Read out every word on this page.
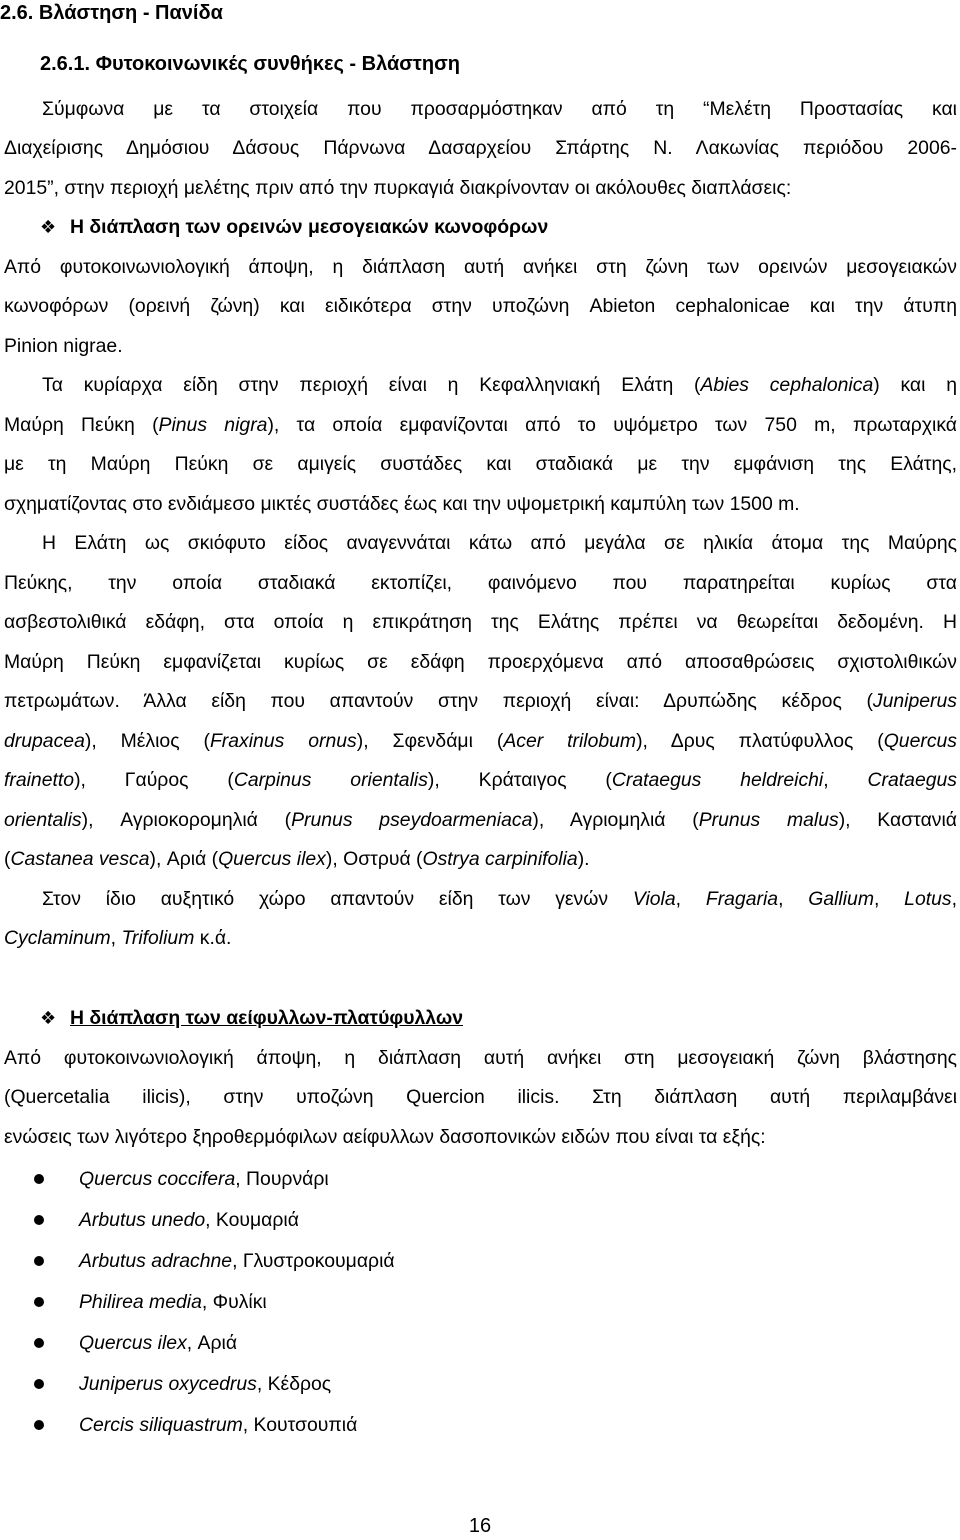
2.6. Βλάστηση - Πανίδα
2.6.1. Φυτοκοινωνικές συνθήκες - Βλάστηση
Σύμφωνα με τα στοιχεία που προσαρμόστηκαν από τη “Μελέτη Προστασίας και
Διαχείρισης Δημόσιου Δάσους Πάρνωνα Δασαρχείου Σπάρτης Ν. Λακωνίας περιόδου 2006-
2015”, στην περιοχή μελέτης πριν από την πυρκαγιά διακρίνονταν οι ακόλουθες διαπλάσεις:
❖ Η διάπλαση των ορεινών μεσογειακών κωνοφόρων
Από φυτοκοινωνιολογική άποψη, η διάπλαση αυτή ανήκει στη ζώνη των ορεινών μεσογειακών
κωνοφόρων (ορεινή ζώνη) και ειδικότερα στην υποζώνη Abieton cephalonicae και την άτυπη
Pinion nigrae.
Τα κυρίαρχα είδη στην περιοχή είναι η Κεφαλληνιακή Ελάτη (Abies cephalonica) και η
Μαύρη Πεύκη (Pinus nigra), τα οποία εμφανίζονται από το υψόμετρο των 750 m, πρωταρχικά
με τη Μαύρη Πεύκη σε αμιγείς συστάδες και σταδιακά με την εμφάνιση της Ελάτης,
σχηματίζοντας στο ενδιάμεσο μικτές συστάδες έως και την υψομετρική καμπύλη των 1500 m.
Η Ελάτη ως σκιόφυτο είδος αναγεννάται κάτω από μεγάλα σε ηλικία άτομα της Μαύρης
Πεύκης, την οποία σταδιακά εκτοπίζει, φαινόμενο που παρατηρείται κυρίως στα
ασβεστολιθικά εδάφη, στα οποία η επικράτηση της Ελάτης πρέπει να θεωρείται δεδομένη. Η
Μαύρη Πεύκη εμφανίζεται κυρίως σε εδάφη προερχόμενα από αποσαθρώσεις σχιστολιθικών
πετρωμάτων. Άλλα είδη που απαντούν στην περιοχή είναι: Δρυπώδης κέδρος (Juniperus
drupacea), Μέλιος (Fraxinus ornus), Σφενδάμι (Acer trilobum), Δρυς πλατύφυλλος (Quercus
frainetto), Γαύρος (Carpinus orientalis), Κράταιγος (Crataegus heldreichi, Crataegus
orientalis), Αγριοκορομηλιά (Prunus pseydoarmeniaca), Αγριομηλιά (Prunus malus), Καστανιά
(Castanea vesca), Αριά (Quercus ilex), Οστρυά (Ostrya carpinifolia).
Στον ίδιο αυξητικό χώρο απαντούν είδη των γενών Viola, Fragaria, Gallium, Lotus,
Cyclaminum, Trifolium κ.ά.
❖ Η διάπλαση των αείφυλλων-πλατύφυλλων
Από φυτοκοινωνιολογική άποψη, η διάπλαση αυτή ανήκει στη μεσογειακή ζώνη βλάστησης
(Quercetalia ilicis), στην υποζώνη Quercion ilicis. Στη διάπλαση αυτή περιλαμβάνει
ενώσεις των λιγότερο ξηροθερμόφιλων αείφυλλων δασοπονικών ειδών που είναι τα εξής:
Quercus coccifera, Πουρνάρι
Arbutus unedo, Κουμαριά
Arbutus adrachne, Γλυστροκουμαριά
Philirea media, Φυλίκι
Quercus ilex, Αριά
Juniperus oxycedrus, Κέδρος
Cercis siliquastrum, Κουτσουπιά
16
